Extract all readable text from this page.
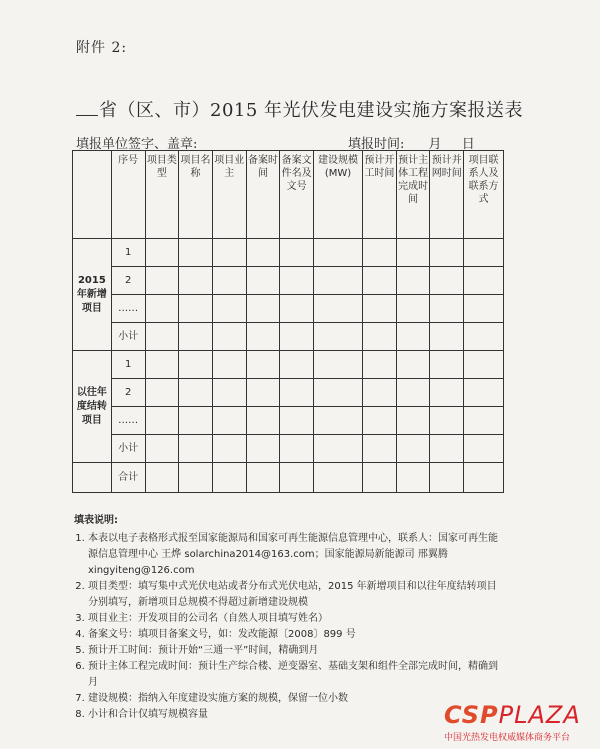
附件 2:
省（区、市）2015 年光伏发电建设实施方案报送表
填报单位签字、盖章:	填报时间: 月 日
	序号	项目类型	项目名称	项目业主	备案时间	备案文件名及文号	建设规模(MW)	预计开工时间	预计主体工程完成时间	预计并网时间	项目联系人及联系方式
2015年新增项目	1										
	2										
	……										
	小计										
以往年度结转项目	1										
	2										
	……										
	小计										
	合计										
填表说明:
1. 本表以电子表格形式报至国家能源局和国家可再生能源信息管理中心，联系人：国家可再生能源信息管理中心 王烨 solarchina2014@163.com；国家能源局新能源司 邢翼腾 xingyiteng@126.com
2. 项目类型：填写集中式光伏电站或者分布式光伏电站，2015 年新增项目和以往年度结转项目分别填写，新增项目总规模不得超过新增建设规模
3. 项目业主：开发项目的公司名（自然人项目填写姓名）
4. 备案文号：填项目备案文号，如：发改能源〔2008〕899 号
5. 预计开工时间：预计开始“三通一平”时间，精确到月
6. 预计主体工程完成时间：预计生产综合楼、逆变器室、基础支架和组件全部完成时间，精确到月
7. 建设规模：指纳入年度建设实施方案的规模，保留一位小数
8. 小计和合计仅填写规模容量	CSPPLAZA
中国光热发电权威媒体商务平台
